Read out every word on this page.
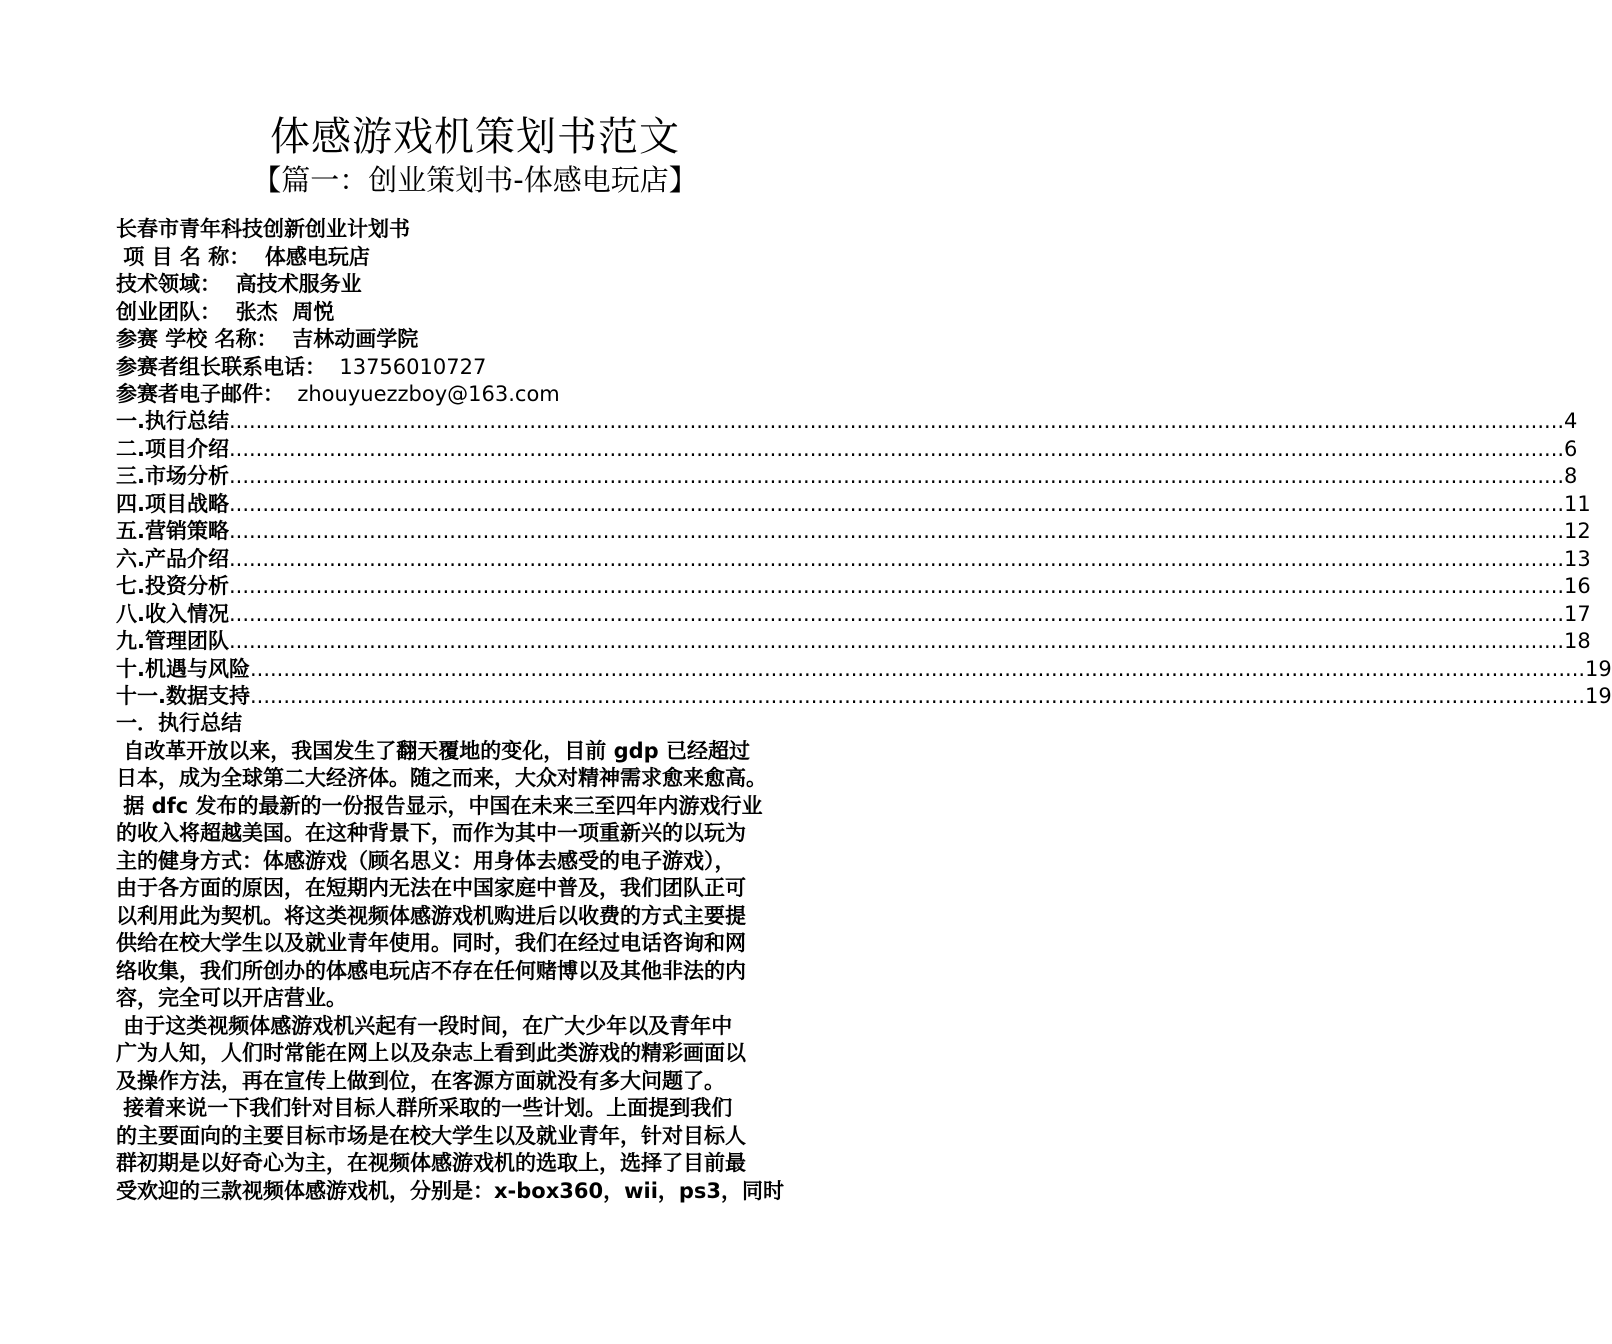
体感游戏机策划书范文
【篇一：创业策划书-体感电玩店】
长春市青年科技创新创业计划书
项 目 名 称：  体感电玩店
技术领域：  高技术服务业
创业团队：  张杰  周悦
参赛 学校 名称：  吉林动画学院
参赛者组长联系电话：  13756010727
参赛者电子邮件：  zhouyuezzboy@163.com
一.执行总结 ........................................................................................................................................................................................................ 4
二.项目介绍 ........................................................................................................................................................................................................ 6
三.市场分析 ........................................................................................................................................................................................................ 8
四.项目战略 ........................................................................................................................................................................................................ 11
五.营销策略 ........................................................................................................................................................................................................ 12
六.产品介绍 ........................................................................................................................................................................................................ 13
七.投资分析 ........................................................................................................................................................................................................ 16
八.收入情况 ........................................................................................................................................................................................................ 17
九.管理团队 ........................................................................................................................................................................................................ 18
十.机遇与风险 ........................................................................................................................................................................................................ 19
十一.数据支持 ........................................................................................................................................................................................................ 19
一．执行总结
自改革开放以来，我国发生了翻天覆地的变化，目前 gdp 已经超过
日本，成为全球第二大经济体。随之而来，大众对精神需求愈来愈高。
据 dfc 发布的最新的一份报告显示，中国在未来三至四年内游戏行业
的收入将超越美国。在这种背景下，而作为其中一项重新兴的以玩为
主的健身方式：体感游戏（顾名思义：用身体去感受的电子游戏），
由于各方面的原因，在短期内无法在中国家庭中普及，我们团队正可
以利用此为契机。将这类视频体感游戏机购进后以收费的方式主要提
供给在校大学生以及就业青年使用。同时，我们在经过电话咨询和网
络收集，我们所创办的体感电玩店不存在任何赌博以及其他非法的内
容，完全可以开店营业。
由于这类视频体感游戏机兴起有一段时间，在广大少年以及青年中
广为人知，人们时常能在网上以及杂志上看到此类游戏的精彩画面以
及操作方法，再在宣传上做到位，在客源方面就没有多大问题了。
接着来说一下我们针对目标人群所采取的一些计划。上面提到我们
的主要面向的主要目标市场是在校大学生以及就业青年，针对目标人
群初期是以好奇心为主，在视频体感游戏机的选取上，选择了目前最
受欢迎的三款视频体感游戏机，分别是：x-box360，wii，ps3，同时
